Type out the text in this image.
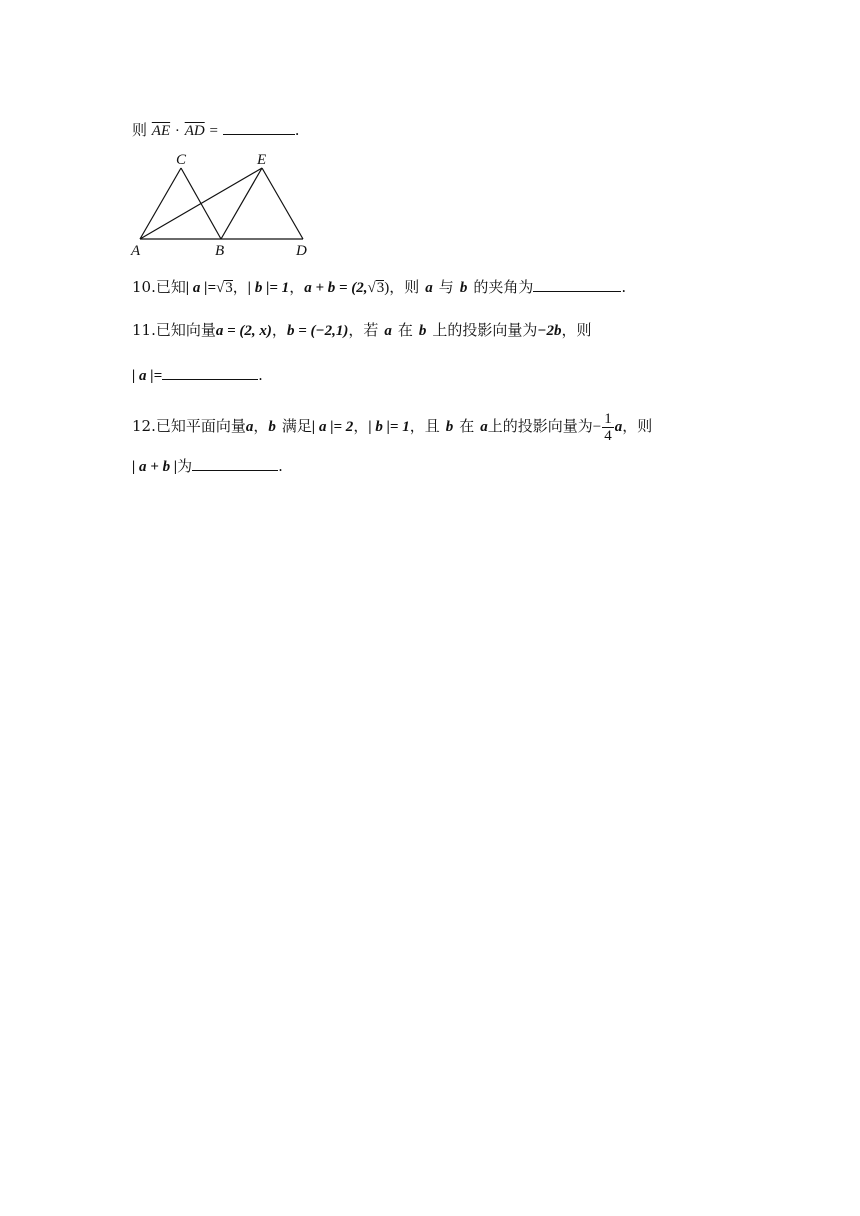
则 $\overline{AE} \cdot \overline{AD}$ =	.
C	E
A	B	D
10.已知| a |=√3，| b |= 1，a + b = (2,√3)，则 a 与 b 的夹角为	.
11.已知向量a = (2, x)，b = (−2,1)，若 a 在 b 上的投影向量为−2b，则
| a |=	.
12.已知平面向量a，b 满足| a |= 2，| b |= 1，且 b 在 a上的投影向量为− $\frac{1}{4}$ a，则
| a + b |为	.
